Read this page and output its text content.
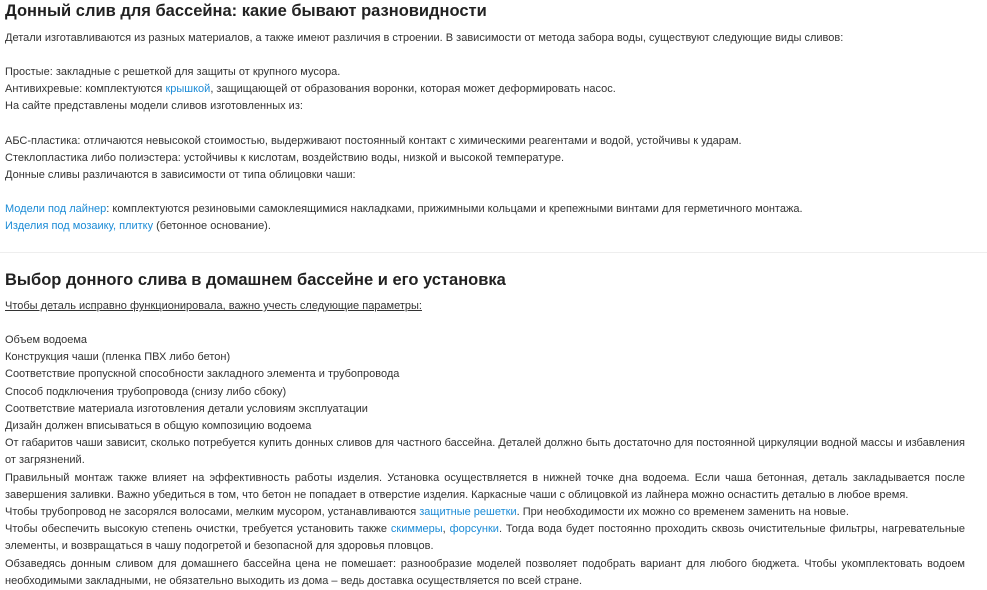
Донный слив для бассейна: какие бывают разновидности

Детали изготавливаются из разных материалов, а также имеют различия в строении. В зависимости от метода забора воды, существуют следующие виды сливов:

Простые: закладные с решеткой для защиты от крупного мусора.

Антивихревые: комплектуются крышкой, защищающей от образования воронки, которая может деформировать насос.

На сайте представлены модели сливов изготовленных из:

АБС-пластика: отличаются невысокой стоимостью, выдерживают постоянный контакт с химическими реагентами и водой, устойчивы к ударам.

Стеклопластика либо полиэстера: устойчивы к кислотам, воздействию воды, низкой и высокой температуре.

Донные сливы различаются в зависимости от типа облицовки чаши:

Модели под лайнер: комплектуются резиновыми самоклеящимися накладками, прижимными кольцами и крепежными винтами для герметичного монтажа.

Изделия под мозаику, плитку (бетонное основание).

Выбор донного слива в домашнем бассейне и его установка

Чтобы деталь исправно функционировала, важно учесть следующие параметры:

Объем водоема

Конструкция чаши (пленка ПВХ либо бетон)

Соответствие пропускной способности закладного элемента и трубопровода

Способ подключения трубопровода (снизу либо сбоку)

Соответствие материала изготовления детали условиям эксплуатации

Дизайн должен вписываться в общую композицию водоема

От габаритов чаши зависит, сколько потребуется купить донных сливов для частного бассейна. Деталей должно быть достаточно для постоянной циркуляции водной массы и избавления от загрязнений.

Правильный монтаж также влияет на эффективность работы изделия. Установка осуществляется в нижней точке дна водоема. Если чаша бетонная, деталь закладывается после завершения заливки. Важно убедиться в том, что бетон не попадает в отверстие изделия. Каркасные чаши с облицовкой из лайнера можно оснастить деталью в любое время.

Чтобы трубопровод не засорялся волосами, мелким мусором, устанавливаются защитные решетки. При необходимости их можно со временем заменить на новые.

Чтобы обеспечить высокую степень очистки, требуется установить также скиммеры, форсунки. Тогда вода будет постоянно проходить сквозь очистительные фильтры, нагревательные элементы, и возвращаться в чашу подогретой и безопасной для здоровья пловцов.

Обзаведясь донным сливом для домашнего бассейна цена не помешает: разнообразие моделей позволяет подобрать вариант для любого бюджета. Чтобы укомплектовать водоем необходимыми закладными, не обязательно выходить из дома – ведь доставка осуществляется по всей стране.
